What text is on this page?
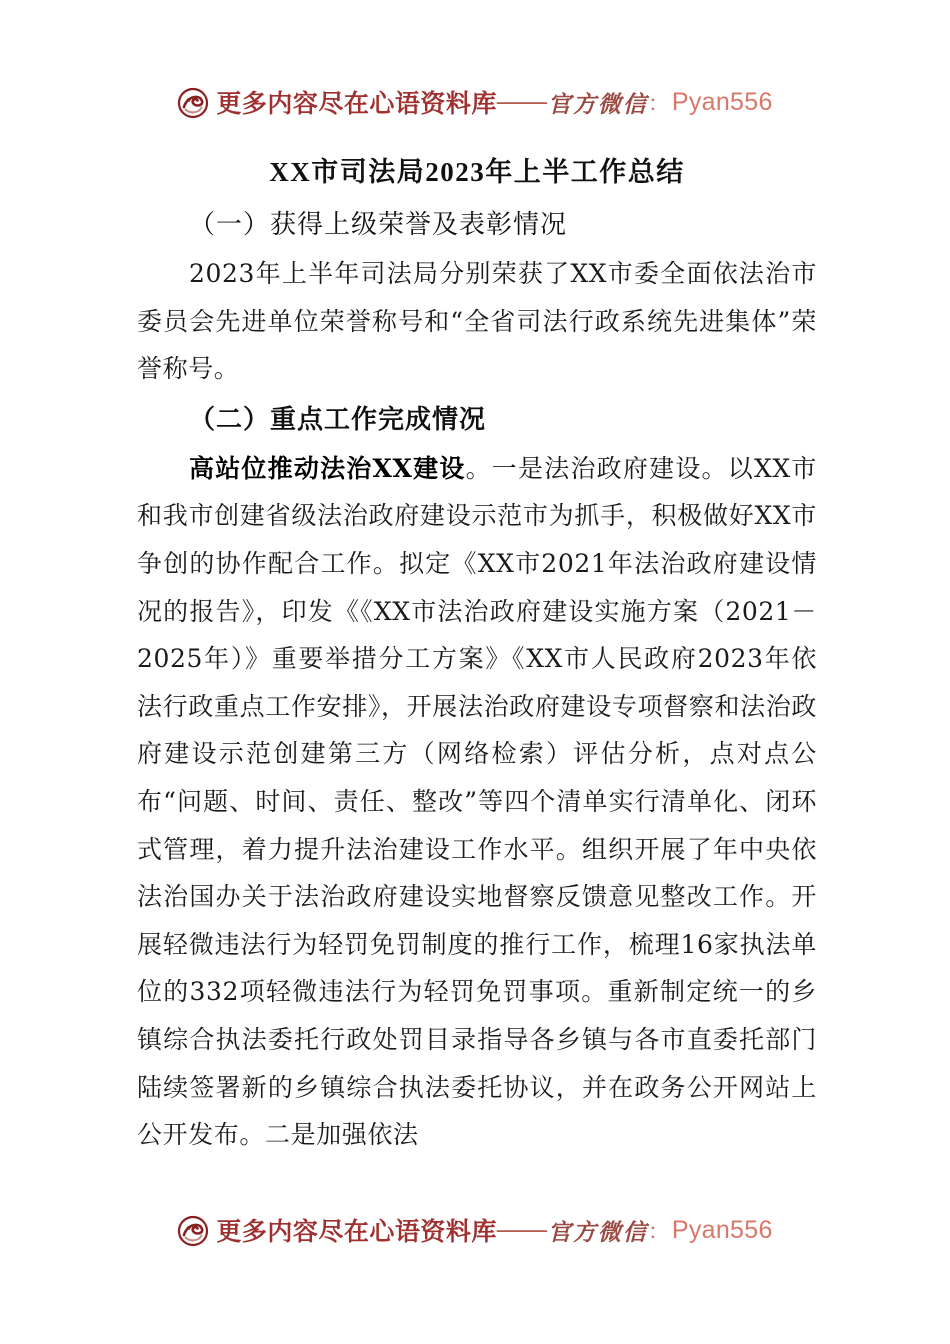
更多内容尽在心语资料库 —— 官方微信 ： Pyan556
XX市司法局2023年上半工作总结

（一）获得上级荣誉及表彰情况

2023年上半年司法局分别荣获了XX市委全面依法治市委员会先进单位荣誉称号和“全省司法行政系统先进集体”荣誉称号。

（二）重点工作完成情况

高站位推动法治XX建设。一是法治政府建设。以XX市和我市创建省级法治政府建设示范市为抓手，积极做好XX市争创的协作配合工作。拟定《XX市2021年法治政府建设情况的报告》，印发《《XX市法治政府建设实施方案（2021－2025年）》重要举措分工方案》《XX市人民政府2023年依法行政重点工作安排》，开展法治政府建设专项督察和法治政府建设示范创建第三方（网络检索）评估分析，点对点公布“问题、时间、责任、整改”等四个清单实行清单化、闭环式管理，着力提升法治建设工作水平。组织开展了年中央依法治国办关于法治政府建设实地督察反馈意见整改工作。开展轻微违法行为轻罚免罚制度的推行工作，梳理16家执法单位的332项轻微违法行为轻罚免罚事项。重新制定统一的乡镇综合执法委托行政处罚目录指导各乡镇与各市直委托部门陆续签署新的乡镇综合执法委托协议，并在政务公开网站上公开发布。二是加强依法

更多内容尽在心语资料库 —— 官方微信 ： Pyan556
